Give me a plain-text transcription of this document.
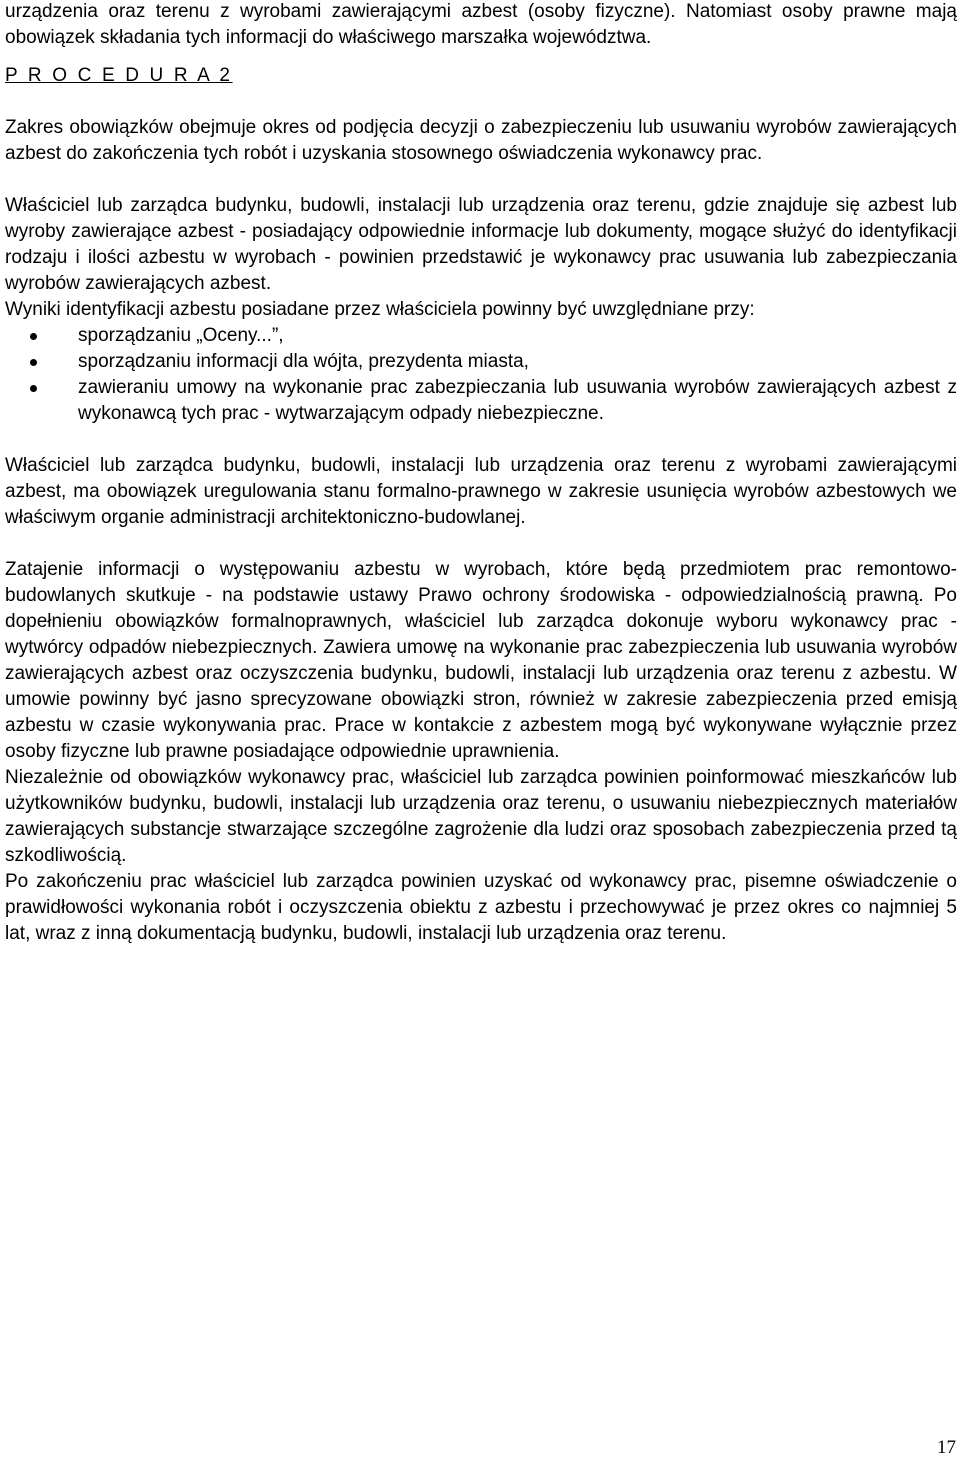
urządzenia oraz terenu z wyrobami zawierającymi azbest (osoby fizyczne). Natomiast osoby prawne mają obowiązek składania tych informacji do właściwego marszałka województwa.

P R O C E D U R A 2

Zakres obowiązków obejmuje okres od podjęcia decyzji o zabezpieczeniu lub usuwaniu wyrobów zawierających azbest do zakończenia tych robót i uzyskania stosownego oświadczenia wykonawcy prac.

Właściciel lub zarządca budynku, budowli, instalacji lub urządzenia oraz terenu, gdzie znajduje się azbest lub wyroby zawierające azbest - posiadający odpowiednie informacje lub dokumenty, mogące służyć do identyfikacji rodzaju i ilości azbestu w wyrobach - powinien przedstawić je wykonawcy prac usuwania lub zabezpieczania wyrobów zawierających azbest.

Wyniki identyfikacji azbestu posiadane przez właściciela powinny być uwzględniane przy:

sporządzaniu „Oceny...”,
sporządzaniu informacji dla wójta, prezydenta miasta,
zawieraniu umowy na wykonanie prac zabezpieczania lub usuwania wyrobów zawierających azbest z wykonawcą tych prac - wytwarzającym odpady niebezpieczne.

Właściciel lub zarządca budynku, budowli, instalacji lub urządzenia oraz terenu z wyrobami zawierającymi azbest, ma obowiązek uregulowania stanu formalno-prawnego w zakresie usunięcia wyrobów azbestowych we właściwym organie administracji architektoniczno-budowlanej.

Zatajenie informacji o występowaniu azbestu w wyrobach, które będą przedmiotem prac remontowo-budowlanych skutkuje - na podstawie ustawy Prawo ochrony środowiska - odpowiedzialnością prawną. Po dopełnieniu obowiązków formalnoprawnych, właściciel lub zarządca dokonuje wyboru wykonawcy prac - wytwórcy odpadów niebezpiecznych. Zawiera umowę na wykonanie prac zabezpieczenia lub usuwania wyrobów zawierających azbest oraz oczyszczenia budynku, budowli, instalacji lub urządzenia oraz terenu z azbestu. W umowie powinny być jasno sprecyzowane obowiązki stron, również w zakresie zabezpieczenia przed emisją azbestu w czasie wykonywania prac. Prace w kontakcie z azbestem mogą być wykonywane wyłącznie przez osoby fizyczne lub prawne posiadające odpowiednie uprawnienia.

Niezależnie od obowiązków wykonawcy prac, właściciel lub zarządca powinien poinformować mieszkańców lub użytkowników budynku, budowli, instalacji lub urządzenia oraz terenu, o usuwaniu niebezpiecznych materiałów zawierających substancje stwarzające szczególne zagrożenie dla ludzi oraz sposobach zabezpieczenia przed tą szkodliwością.

Po zakończeniu prac właściciel lub zarządca powinien uzyskać od wykonawcy prac, pisemne oświadczenie o prawidłowości wykonania robót i oczyszczenia obiektu z azbestu i przechowywać je przez okres co najmniej 5 lat, wraz z inną dokumentacją budynku, budowli, instalacji lub urządzenia oraz terenu.

17
